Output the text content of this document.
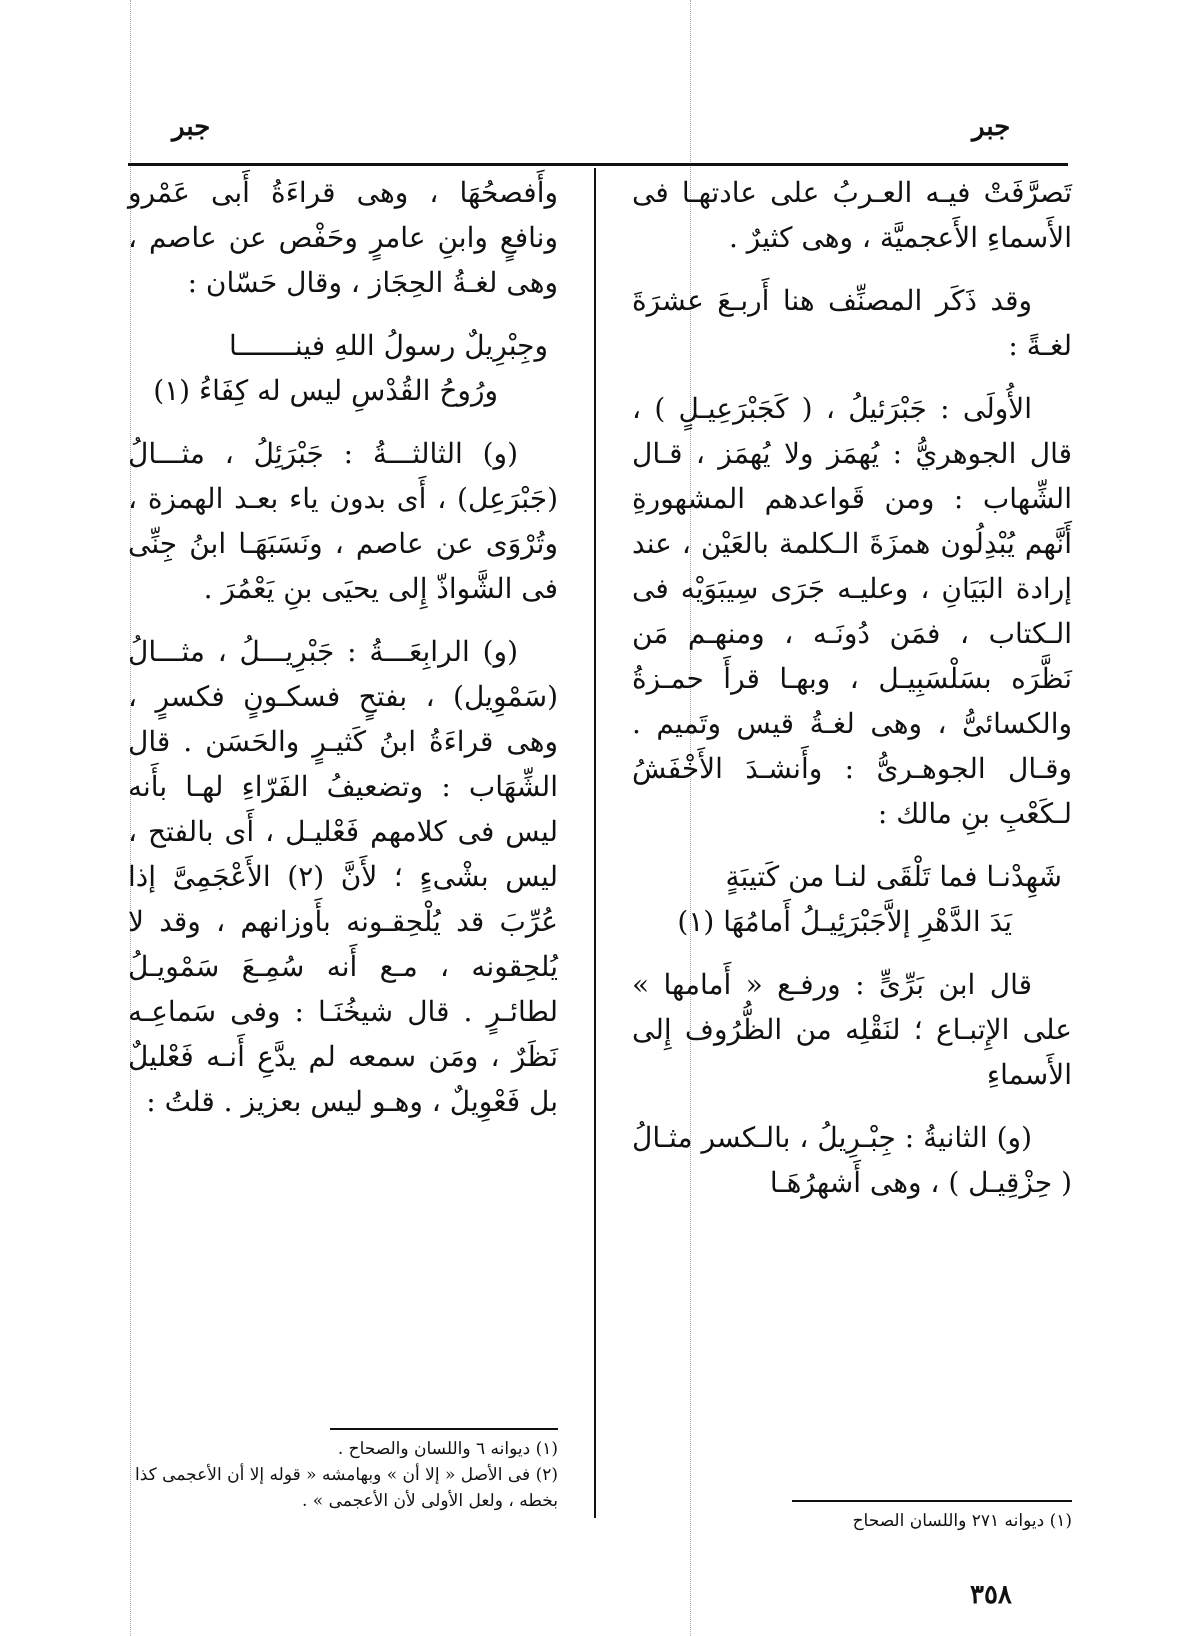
جبر	جبر

تَصرَّفَتْ فيـه العـربُ على عادتهـا فى الأَسماءِ الأَعجميَّة ، وهى كثيرٌ .

وقد ذَكَر المصنِّف هنا أَربـعَ عشرَةَ لغـةً :

الأُولَى : جَبْرَئيلُ ، ( كَجَبْرَعِيـلٍ ) ، قال الجوهريُّ : يُهمَز ولا يُهمَز ، قـال الشِّهاب : ومن قَواعدهم المشهورةِ أَنَّهم يُبْدِلُون همزَةَ الـكلمة بالعَيْن ، عند إرادة البَيَانِ ، وعليـه جَرَى سِيبَوَيْه فى الـكتاب ، فمَن دُونَـه ، ومنهـم مَن نَظَّرَه بسَلْسَبِيـل ، وبهـا قرأَ حمـزةُ والكسائىُّ ، وهى لغـةُ قيس وتَميم . وقـال الجوهـرىُّ : وأَنشـدَ الأَخْفَشُ لـكَعْبِ بنِ مالك :

شَهِدْنـا فما تَلْقَى لنـا من كَتيبَةٍ
يَدَ الدَّهْرِ إلاَّجَبْرَئِيـلُ أَمامُهَا (١)

قال ابن بَرِّىٍّ : ورفـع « أَمامها » على الإِتبـاع ؛ لنَقْلِه من الظُّرُوف إِلى الأَسماءِ

(و) الثانيةُ : جِبْـرِيلُ ، بالـكسر مثـالُ ( حِزْقِيـل ) ، وهى أَشهرُهَـا

وأَفصحُهَا ، وهى قراءَةُ أَبى عَمْرو ونافعٍ وابنِ عامرٍ وحَفْص عن عاصم ، وهى لغـةُ الحِجَاز ، وقال حَسّان :

وجِبْرِيلٌ رسولُ اللهِ فينـــــــا
ورُوحُ القُدْسِ ليس له كِفَاءُ (١)

(و) الثالثـــةُ : جَبْرَئِلُ ، مثـــالُ (جَبْرَعِل) ، أَى بدون ياء بعـد الهمزة ، وتُرْوَى عن عاصم ، ونَسَبَهَـا ابنُ جِنِّى فى الشَّواذّ إِلى يحيَى بنِ يَعْمُرَ .

(و) الرابِعَـــةُ : جَبْرِيـــلُ ، مثـــالُ (سَمْوِيل) ، بفتحٍ فسكـونٍ فكسرٍ ، وهى قراءَةُ ابنُ كَثيـرٍ والحَسَن . قال الشِّهَاب : وتضعيفُ الفَرّاءِ لهـا بأَنه ليس فى كلامهم فَعْليـل ، أَى بالفتح ، ليس بشْىءٍ ؛ لأَنَّ (٢) الأَعْجَمِىَّ إذا عُرِّبَ قد يُلْحِقـونه بأَوزانهم ، وقد لا يُلحِقونه ، مـع أَنه سُمِـعَ سَمْويـلُ لطائـرٍ . قال شيخُنَـا : وفى سَماعِـه نَظَرٌ ، ومَن سمعه لم يدَّعِ أَنـه فَعْليلٌ بل فَعْوِيلٌ ، وهـو ليس بعزيز . قلتُ :

(١) ديوانه ٢٧١ واللسان الصحاح
(١) ديوانه ٦ واللسان والصحاح .
(٢) فى الأصل « إلا أن » وبهامشه « قوله إلا أن الأعجمى كذا بخطه ، ولعل الأولى لأن الأعجمى » .
٣٥٨
